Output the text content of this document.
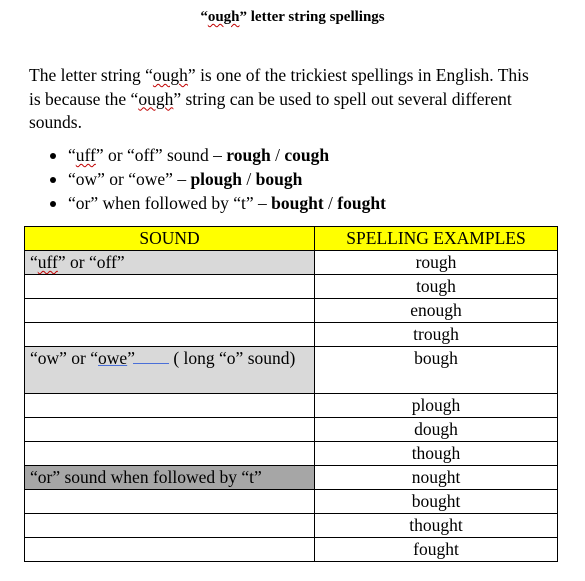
“ough” letter string spellings
The letter string “ough” is one of the trickiest spellings in English. This is because the “ough” string can be used to spell out several different sounds.
“uff” or “off” sound – rough / cough
“ow” or “owe” – plough / bough
“or” when followed by “t” – bought / fought
SOUND	SPELLING EXAMPLES
“uff” or “off”	rough
	tough
	enough
	trough
“ow” or “owe” ( long “o” sound)	bough
	plough
	dough
	though
“or” sound when followed by “t”	nought
	bought
	thought
	fought
